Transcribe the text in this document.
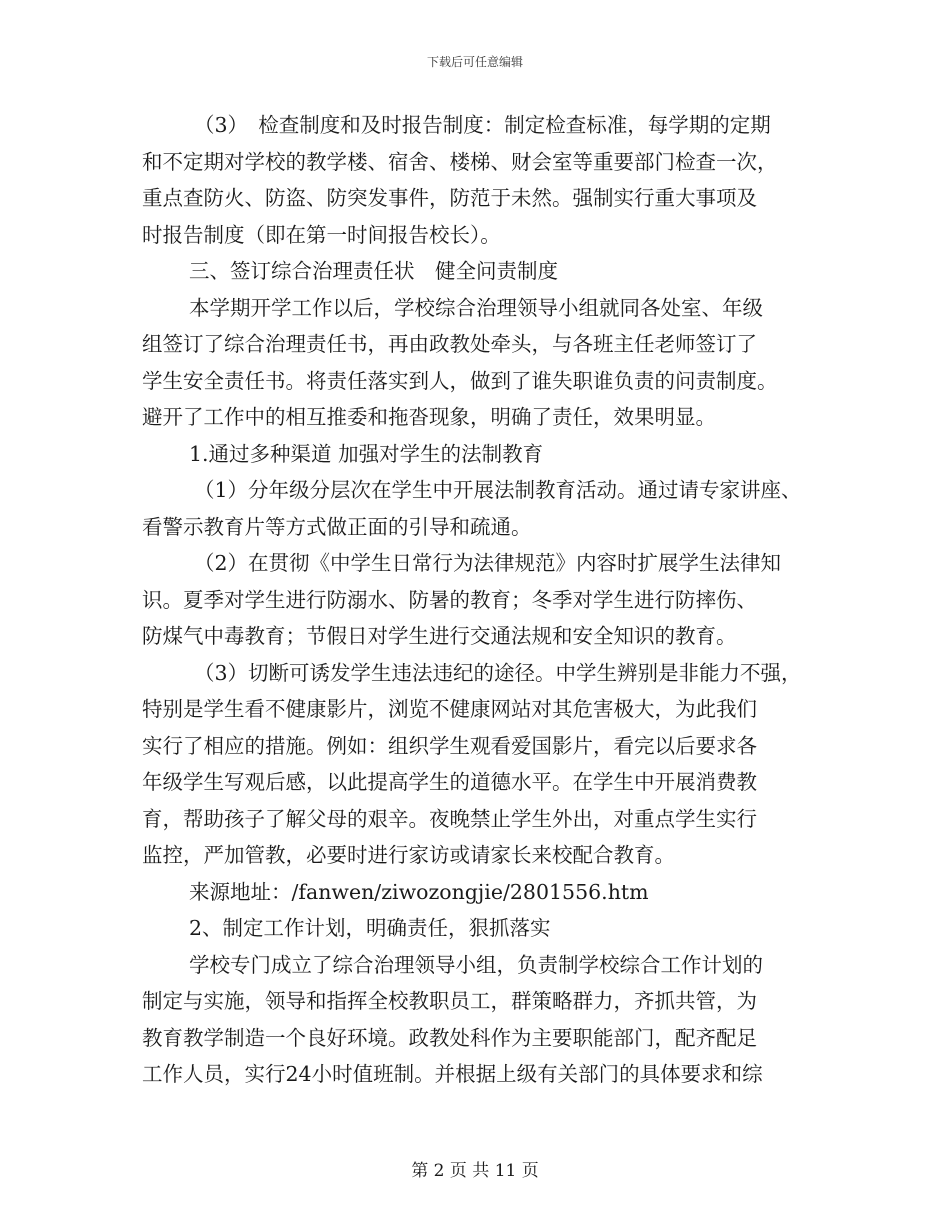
下载后可任意编辑
（3）　检查制度和及时报告制度：制定检查标准，每学期的定期
和不定期对学校的教学楼、宿舍、楼梯、财会室等重要部门检查一次，
重点查防火、防盗、防突发事件，防范于未然。强制实行重大事项及
时报告制度（即在第一时间报告校长）。
三、签订综合治理责任状　健全问责制度
本学期开学工作以后，学校综合治理领导小组就同各处室、年级
组签订了综合治理责任书，再由政教处牵头，与各班主任老师签订了
学生安全责任书。将责任落实到人，做到了谁失职谁负责的问责制度。
避开了工作中的相互推委和拖沓现象，明确了责任，效果明显。
1.通过多种渠道 加强对学生的法制教育
（1）分年级分层次在学生中开展法制教育活动。通过请专家讲座、
看警示教育片等方式做正面的引导和疏通。
（2）在贯彻《中学生日常行为法律规范》内容时扩展学生法律知
识。夏季对学生进行防溺水、防暑的教育；冬季对学生进行防摔伤、
防煤气中毒教育；节假日对学生进行交通法规和安全知识的教育。
（3）切断可诱发学生违法违纪的途径。中学生辨别是非能力不强，
特别是学生看不健康影片，浏览不健康网站对其危害极大，为此我们
实行了相应的措施。例如：组织学生观看爱国影片，看完以后要求各
年级学生写观后感，以此提高学生的道德水平。在学生中开展消费教
育，帮助孩子了解父母的艰辛。夜晚禁止学生外出，对重点学生实行
监控，严加管教，必要时进行家访或请家长来校配合教育。
来源地址：/fanwen/ziwozongjie/2801556.htm
2、制定工作计划，明确责任，狠抓落实
学校专门成立了综合治理领导小组，负责制学校综合工作计划的
制定与实施，领导和指挥全校教职员工，群策略群力，齐抓共管，为
教育教学制造一个良好环境。政教处科作为主要职能部门，配齐配足
工作人员，实行24小时值班制。并根据上级有关部门的具体要求和综
第 2 页 共 11 页
